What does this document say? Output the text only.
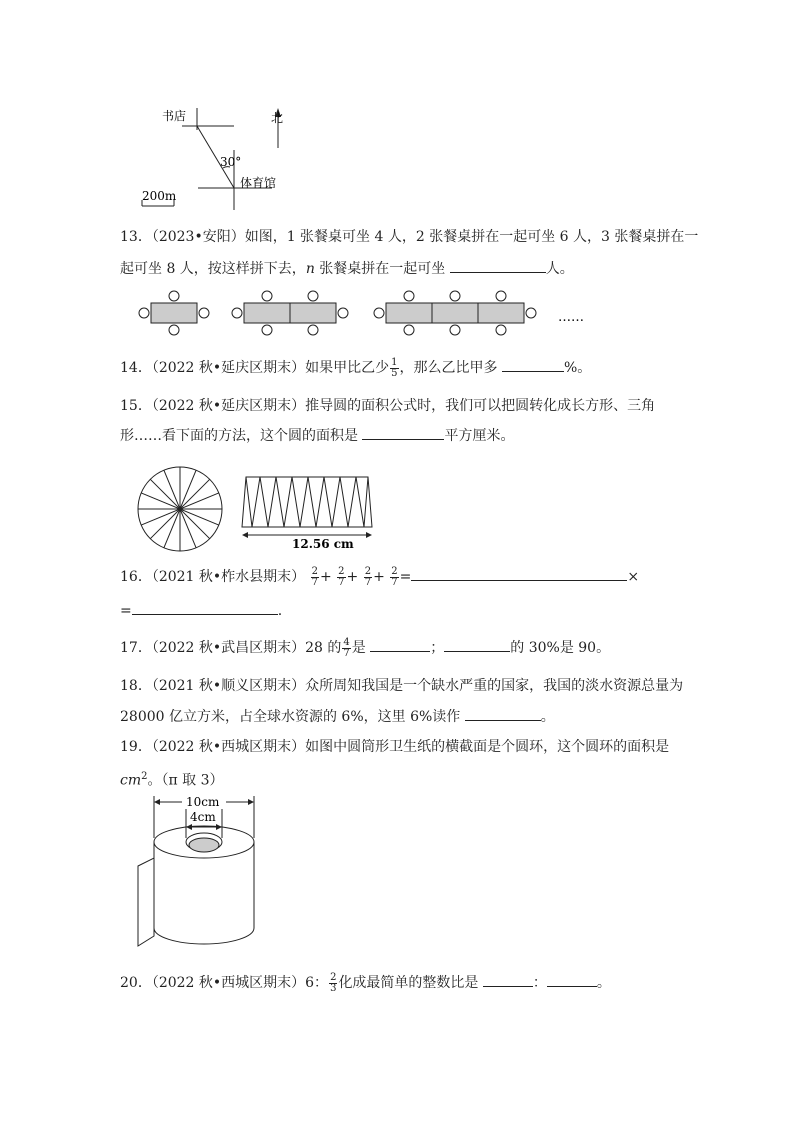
书店	北
30°
体育馆
200m
13．（2023•安阳）如图，1 张餐桌可坐 4 人，2 张餐桌拼在一起可坐 6 人，3 张餐桌拼在一
起可坐 8 人，按这样拼下去，n 张餐桌拼在一起可坐	人。
……
14．（2022 秋•延庆区期末）如果甲比乙少 $\frac{1}{5}$ ，那么乙比甲多	%。
15．（2022 秋•延庆区期末）推导圆的面积公式时，我们可以把圆转化成长方形、三角
形……看下面的方法，这个圆的面积是	平方厘米。
12.56 cm
16．（2021 秋•柞水县期末） $\frac{2}{7} + \frac{2}{7} + \frac{2}{7} + \frac{2}{7}$ =	×
=	.
17．（2022 秋•武昌区期末）28 的 $\frac{4}{7}$ 是	；	的 30%是 90。
18．（2021 秋•顺义区期末）众所周知我国是一个缺水严重的国家，我国的淡水资源总量为
28000 亿立方米，占全球水资源的 6%，这里 6%读作	。
19．（2022 秋•西城区期末）如图中圆筒形卫生纸的横截面是个圆环，这个圆环的面积是
$cm^2$。（π 取 3）
10cm
4cm
20．（2022 秋•西城区期末）6： $\frac{2}{3}$ 化成最简单的整数比是	：	。
